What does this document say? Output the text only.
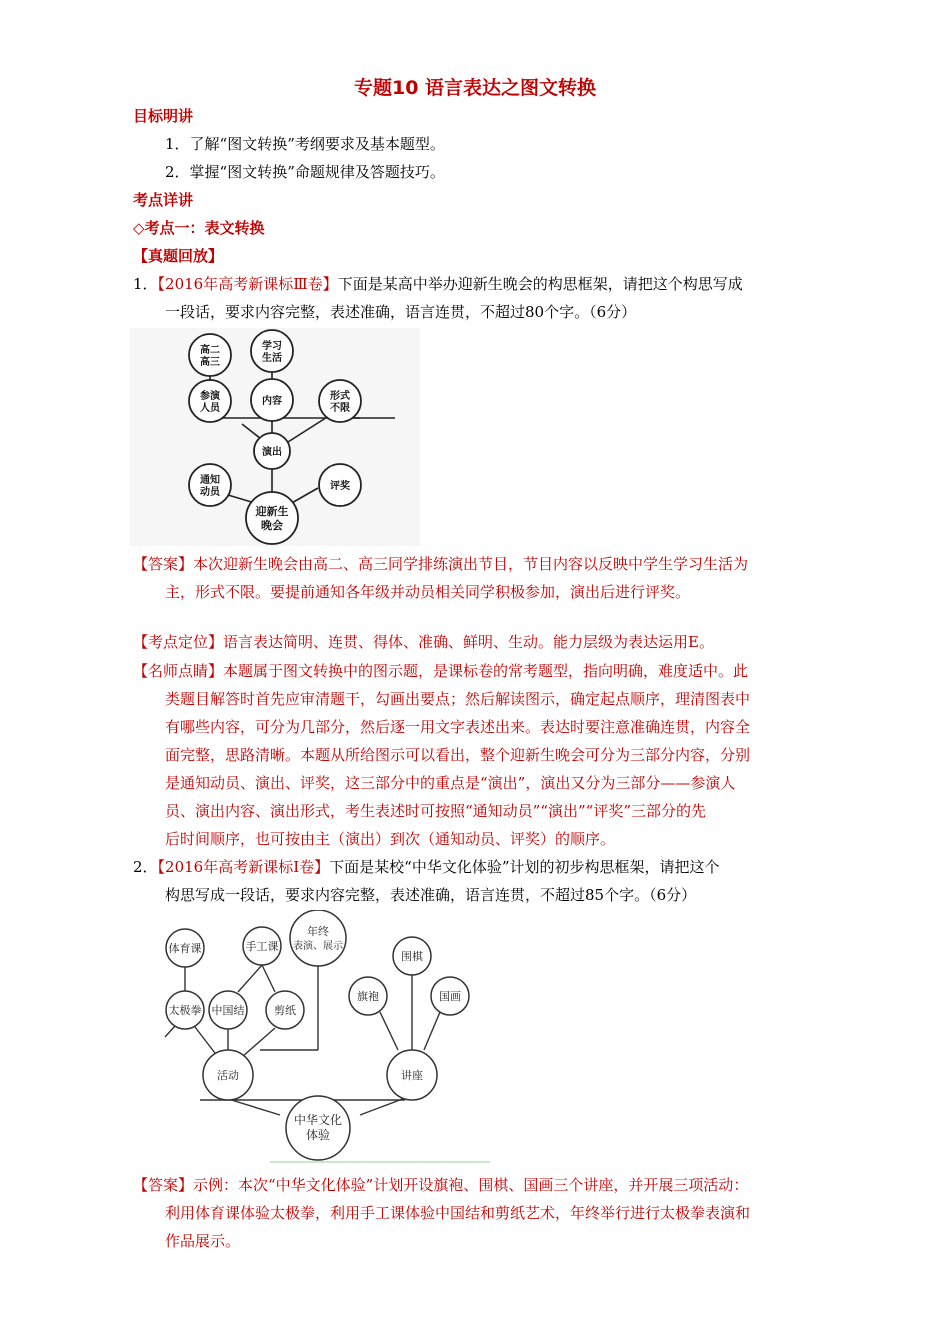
专题10 语言表达之图文转换
目标明讲
1．了解“图文转换”考纲要求及基本题型。
2．掌握“图文转换”命题规律及答题技巧。
考点详讲
◇考点一：表文转换
【真题回放】
1．【2016年高考新课标Ⅲ卷】下面是某高中举办迎新生晚会的构思框架，请把这个构思写成
一段话，要求内容完整，表述准确，语言连贯，不超过80个字。（6分）
高二
高三
学习
生活
参演
人员
内容	形式
不限
演出
通知
动员
评奖
迎新生
晚会
【答案】本次迎新生晚会由高二、高三同学排练演出节目，节目内容以反映中学生学习生活为
主，形式不限。要提前通知各年级并动员相关同学积极参加，演出后进行评奖。
【考点定位】语言表达简明、连贯、得体、准确、鲜明、生动。能力层级为表达运用E。
【名师点睛】本题属于图文转换中的图示题，是课标卷的常考题型，指向明确，难度适中。此
类题目解答时首先应审清题干，勾画出要点；然后解读图示，确定起点顺序，理清图表中
有哪些内容，可分为几部分，然后逐一用文字表述出来。表达时要注意准确连贯，内容全
面完整，思路清晰。本题从所给图示可以看出，整个迎新生晚会可分为三部分内容，分别
是通知动员、演出、评奖，这三部分中的重点是“演出”，演出又分为三部分——参演人
员、演出内容、演出形式，考生表述时可按照“通知动员”“演出”“评奖”三部分的先
后时间顺序，也可按由主（演出）到次（通知动员、评奖）的顺序。
2．【2016年高考新课标Ⅰ卷】下面是某校“中华文化体验”计划的初步构思框架，请把这个
构思写成一段话，要求内容完整，表述准确，语言连贯，不超过85个字。（6分）
体育课	手工课
年终
表演、展示
太极拳 中国结	剪纸
围棋
旗袍	国画
活动	讲座
中华文化
体验
【答案】示例：本次“中华文化体验”计划开设旗袍、围棋、国画三个讲座，并开展三项活动：
利用体育课体验太极拳，利用手工课体验中国结和剪纸艺术，年终举行进行太极拳表演和
作品展示。
